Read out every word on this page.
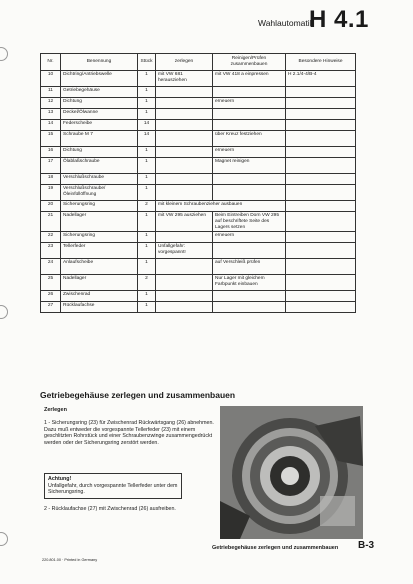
Wahlautomatik
H 4.1
Nr.	Benennung	Stück	zerlegen	Reinigen/Prüfen zusammenbauen	Besondere Hinweise
10	Dichtring/Antriebswelle	1	mit VW 681 herausziehen	mit VW 418 a einpressen	H 2.1/4-4/B-4
11	Getriebegehäuse	1			
12	Dichtung	1		erneuern	
13	Deckel/Ölwanne	1			
14	Federscheibe	14			
15	Schraube M 7	14		über Kreuz festziehen	
16	Dichtung	1		erneuern	
17	Ölablaßschraube	1		Magnet reinigen	
18	Verschlußschraube	1			
19	Verschlußschraube/ Öleinfüllöffnung	1			
20	Sicherungsring	2	mit kleinem Schraubenzieher ausbauen		
21	Nadellager	1	mit VW 295 ausziehen	Beim Eintreiben Dorn VW 295 auf beschriftete Seite des Lagers setzen	
22	Sicherungsring	1		erneuern	
23	Tellerfeder	1	Unfallgefahr: vorgespannt!		
24	Anlaufscheibe	1		auf Verschleiß prüfen	
25	Nadellager	2		Nur Lager mit gleichem Farbpunkt einbauen	
26	Zwischenrad	1			
27	Rücklaufachse	1			
Getriebegehäuse zerlegen und zusammenbauen
Zerlegen
1 - Sicherungsring (23) für Zwischenrad Rückwärtsgang (26) abnehmen. Dazu muß entweder die vorgespannte Tellerfeder (23) mit einem geschlitzten Rohrstück und einer Schraubenzwinge zusammengedrückt werden oder der Sicherungsring zerstört werden.
Achtung!
Unfallgefahr, durch vorgespannte Tellerfeder unter dem Sicherungsring.
2 - Rücklaufachse (27) mit Zwischenrad (26) ausfreiben.
Getriebegehäuse zerlegen und zusammenbauen B-3
220.801.00 · Printed in Germany
